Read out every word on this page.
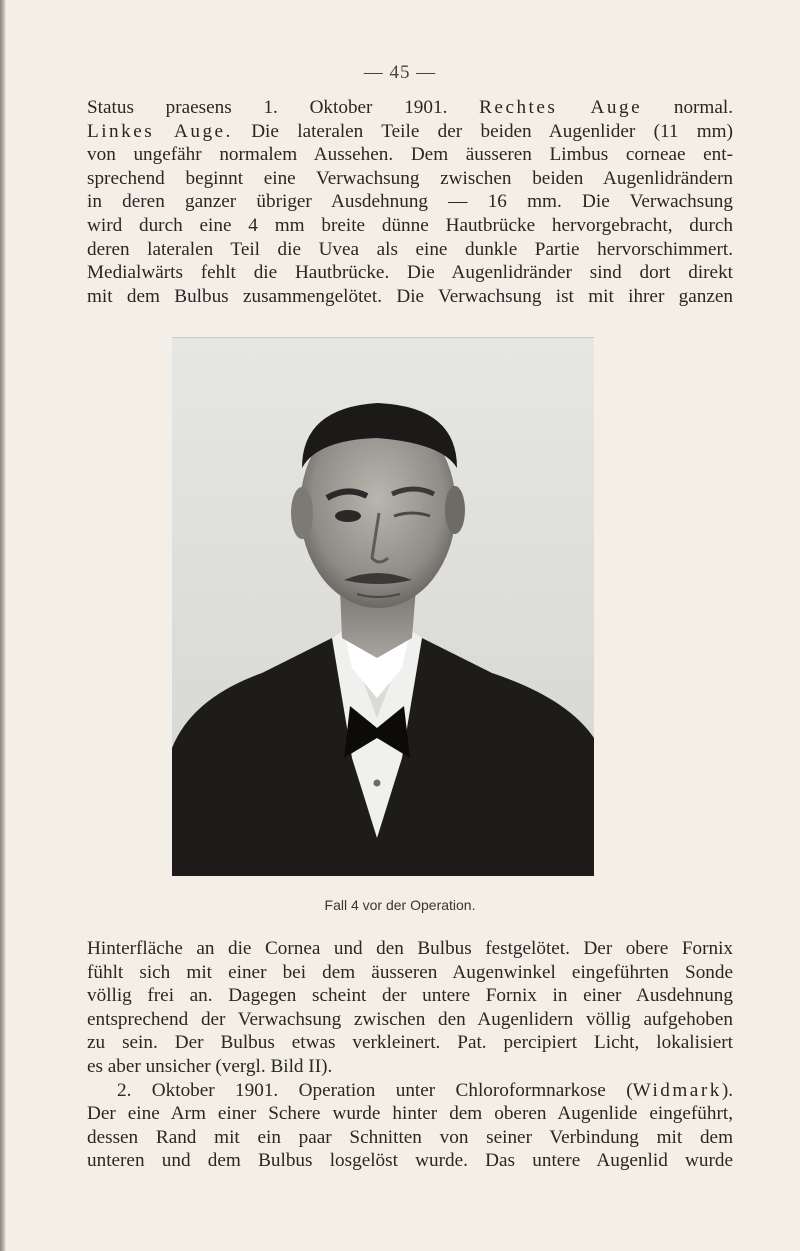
— 45 —

Status praesens 1. Oktober 1901. Rechtes Auge normal.
Linkes Auge. Die lateralen Teile der beiden Augenlider (11 mm)
von ungefähr normalem Aussehen. Dem äusseren Limbus corneae ent-
sprechend beginnt eine Verwachsung zwischen beiden Augenlidrändern
in deren ganzer übriger Ausdehnung — 16 mm. Die Verwachsung
wird durch eine 4 mm breite dünne Hautbrücke hervorgebracht, durch
deren lateralen Teil die Uvea als eine dunkle Partie hervorschimmert.
Medialwärts fehlt die Hautbrücke. Die Augenlidränder sind dort direkt
mit dem Bulbus zusammengelötet. Die Verwachsung ist mit ihrer ganzen

Fall 4 vor der Operation.

Hinterfläche an die Cornea und den Bulbus festgelötet. Der obere Fornix
fühlt sich mit einer bei dem äusseren Augenwinkel eingeführten Sonde
völlig frei an. Dagegen scheint der untere Fornix in einer Ausdehnung
entsprechend der Verwachsung zwischen den Augenlidern völlig aufgehoben
zu sein. Der Bulbus etwas verkleinert. Pat. percipiert Licht, lokalisiert
es aber unsicher (vergl. Bild II).
2. Oktober 1901. Operation unter Chloroformnarkose (Widmark).
Der eine Arm einer Schere wurde hinter dem oberen Augenlide eingeführt,
dessen Rand mit ein paar Schnitten von seiner Verbindung mit dem
unteren und dem Bulbus losgelöst wurde. Das untere Augenlid wurde
